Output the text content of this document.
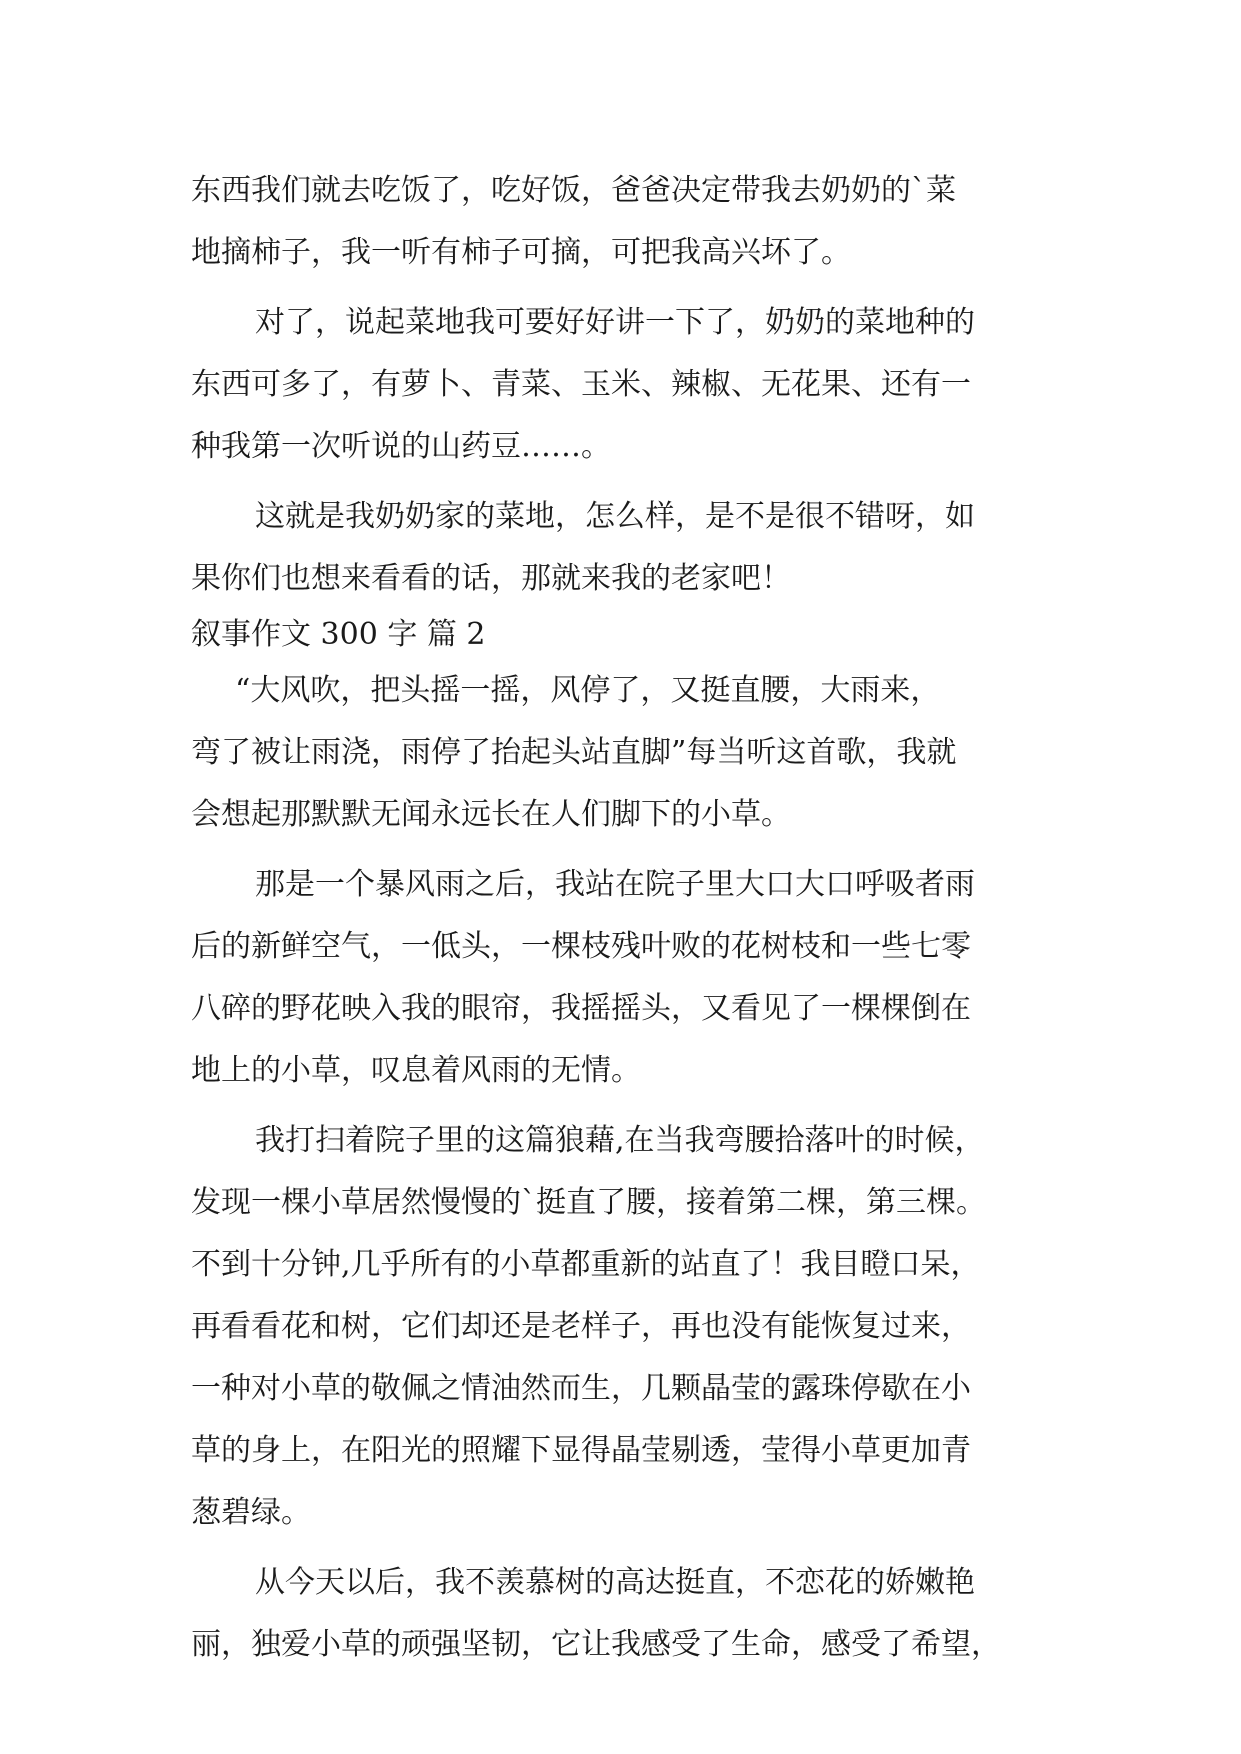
东西我们就去吃饭了，吃好饭，爸爸决定带我去奶奶的`菜
地摘柿子，我一听有柿子可摘，可把我高兴坏了。
对了，说起菜地我可要好好讲一下了，奶奶的菜地种的
东西可多了，有萝卜、青菜、玉米、辣椒、无花果、还有一
种我第一次听说的山药豆……。
这就是我奶奶家的菜地，怎么样，是不是很不错呀，如
果你们也想来看看的话，那就来我的老家吧！
叙事作文 300 字 篇 2
“大风吹，把头摇一摇，风停了，又挺直腰，大雨来，
弯了被让雨浇，雨停了抬起头站直脚”每当听这首歌，我就
会想起那默默无闻永远长在人们脚下的小草。
那是一个暴风雨之后，我站在院子里大口大口呼吸者雨
后的新鲜空气，一低头，一棵枝残叶败的花树枝和一些七零
八碎的野花映入我的眼帘，我摇摇头，又看见了一棵棵倒在
地上的小草，叹息着风雨的无情。
我打扫着院子里的这篇狼藉,在当我弯腰拾落叶的时候，
发现一棵小草居然慢慢的`挺直了腰，接着第二棵，第三棵。
不到十分钟,几乎所有的小草都重新的站直了！我目瞪口呆，
再看看花和树，它们却还是老样子，再也没有能恢复过来，
一种对小草的敬佩之情油然而生，几颗晶莹的露珠停歇在小
草的身上，在阳光的照耀下显得晶莹剔透，莹得小草更加青
葱碧绿。
从今天以后，我不羡慕树的高达挺直，不恋花的娇嫩艳
丽，独爱小草的顽强坚韧，它让我感受了生命，感受了希望，
